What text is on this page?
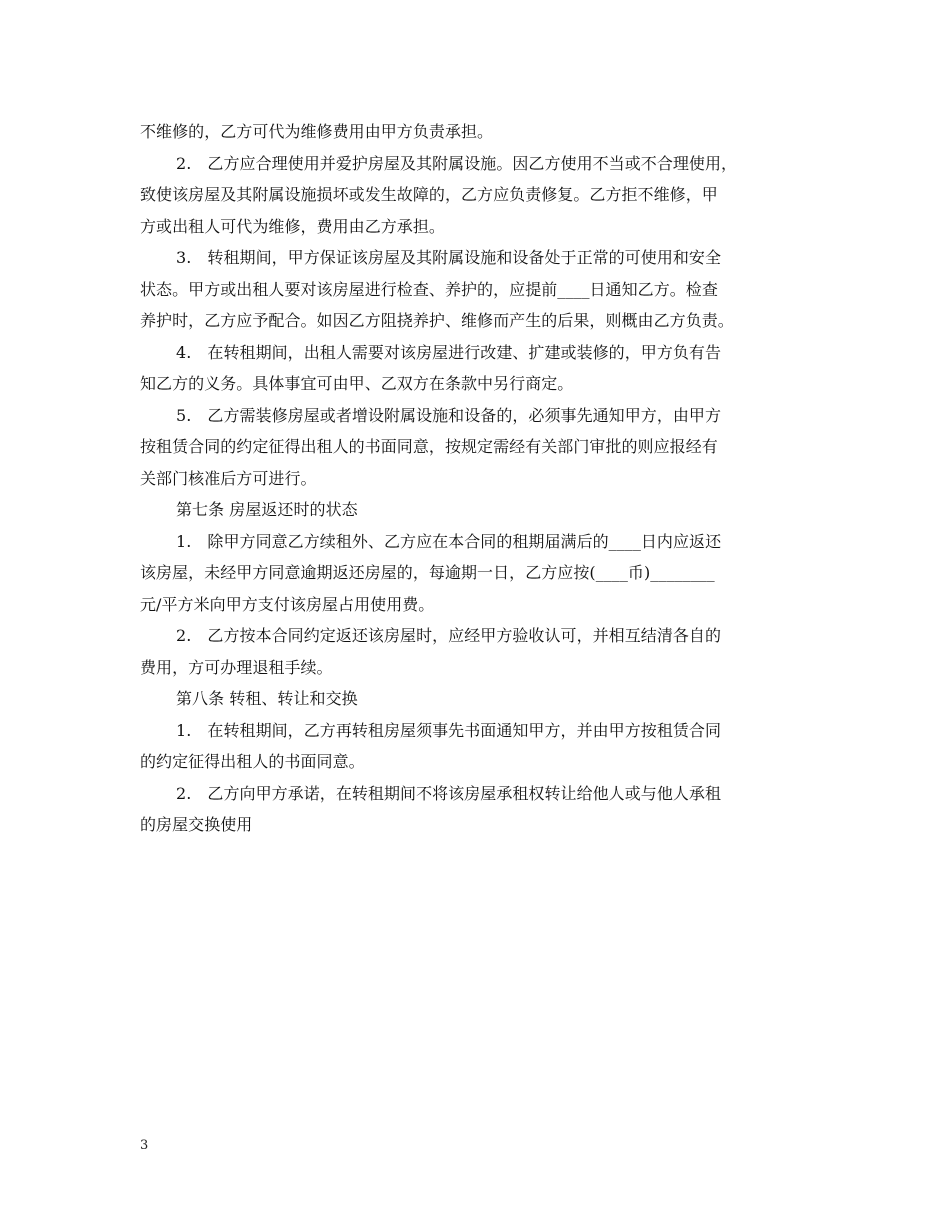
不维修的，乙方可代为维修费用由甲方负责承担。
2.　乙方应合理使用并爱护房屋及其附属设施。因乙方使用不当或不合理使用，
致使该房屋及其附属设施损坏或发生故障的，乙方应负责修复。乙方拒不维修，甲
方或出租人可代为维修，费用由乙方承担。
3.　转租期间，甲方保证该房屋及其附属设施和设备处于正常的可使用和安全
状态。甲方或出租人要对该房屋进行检查、养护的，应提前____日通知乙方。检查
养护时，乙方应予配合。如因乙方阻挠养护、维修而产生的后果，则概由乙方负责。
4.　在转租期间，出租人需要对该房屋进行改建、扩建或装修的，甲方负有告
知乙方的义务。具体事宜可由甲、乙双方在条款中另行商定。
5.　乙方需装修房屋或者增设附属设施和设备的，必须事先通知甲方，由甲方
按租赁合同的约定征得出租人的书面同意，按规定需经有关部门审批的则应报经有
关部门核准后方可进行。
第七条 房屋返还时的状态
1.　除甲方同意乙方续租外、乙方应在本合同的租期届满后的____日内应返还
该房屋，未经甲方同意逾期返还房屋的，每逾期一日，乙方应按(____币)________
元/平方米向甲方支付该房屋占用使用费。
2.　乙方按本合同约定返还该房屋时，应经甲方验收认可，并相互结清各自的
费用，方可办理退租手续。
第八条 转租、转让和交换
1.　在转租期间，乙方再转租房屋须事先书面通知甲方，并由甲方按租赁合同
的约定征得出租人的书面同意。
2.　乙方向甲方承诺，在转租期间不将该房屋承租权转让给他人或与他人承租
的房屋交换使用
3
